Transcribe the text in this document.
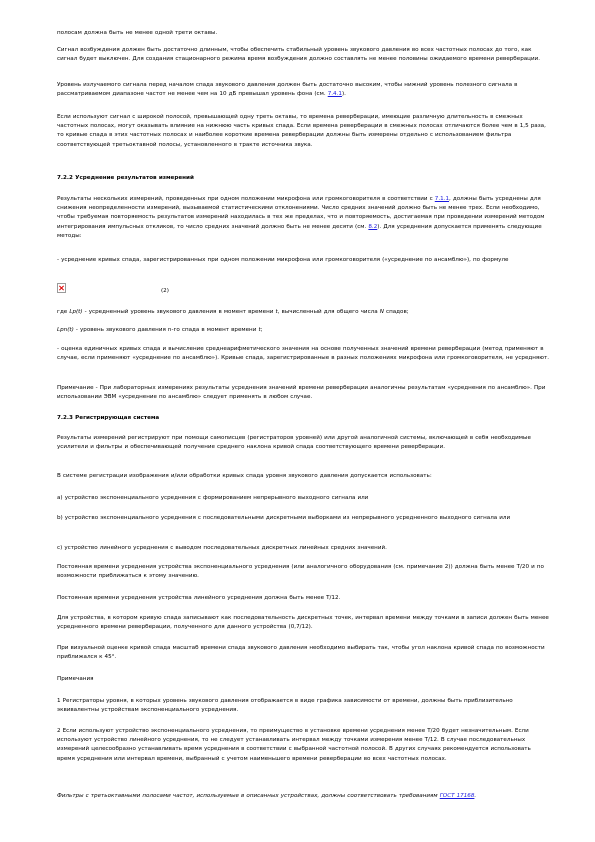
полосам должна быть не менее одной трети октавы.
Сигнал возбуждения должен быть достаточно длинным, чтобы обеспечить стабильный уровень звукового давления во всех частотных полосах до того, как сигнал будет выключен. Для создания стационарного режима время возбуждения должно составлять не менее половины ожидаемого времени реверберации.
Уровень излучаемого сигнала перед началом спада звукового давления должен быть достаточно высоким, чтобы нижний уровень полезного сигнала в рассматриваемом диапазоне частот не менее чем на 10 дБ превышал уровень фона (см. 7.4.1).
Если используют сигнал с широкой полосой, превышающей одну треть октавы, то времена реверберации, имеющие различную длительность в смежных частотных полосах, могут оказывать влияние на нижнюю часть кривых спада. Если времена реверберации в смежных полосах отличаются более чем в 1,5 раза, то кривые спада в этих частотных полосах и наиболее короткие времена реверберации должны быть измерены отдельно с использованием фильтра соответствующей третьоктавной полосы, установленного в тракте источника звука.
7.2.2 Усреднение результатов измерений
Результаты нескольких измерений, проведенных при одном положении микрофона или громкоговорителя в соответствии с 7.1.1, должны быть усреднены для снижения неопределенности измерений, вызываемой статистическими отклонениями. Число средних значений должно быть не менее трех. Если необходимо, чтобы требуемая повторяемость результатов измерений находилась в тех же пределах, что и повторяемость, достигаемая при проведении измерений методом интегрирования импульсных откликов, то число средних значений должно быть не менее десяти (см. 8.2). Для усреднения допускается применять следующие методы:
- усреднение кривых спада, зарегистрированных при одном положении микрофона или громкоговорителя («усреднение по ансамблю»), по формуле
(2)
где Lp(t) - усредненный уровень звукового давления в момент времени t, вычисленный для общего числа N спадов;
Lpn(t) - уровень звукового давления n-го спада в момент времени t;
- оценка единичных кривых спада и вычисление среднеарифметического значения на основе полученных значений времени реверберации (метод применяют в случае, если применяют «усреднение по ансамблю»). Кривые спада, зарегистрированные в разных положениях микрофона или громкоговорителя, не усредняют.
Примечание - При лабораторных измерениях результаты усреднения значений времени реверберации аналогичны результатам «усреднения по ансамблю». При использовании ЭВМ «усреднение по ансамблю» следует применять в любом случае.
7.2.3 Регистрирующая система
Результаты измерений регистрируют при помощи самописцев (регистраторов уровней) или другой аналогичной системы, включающей в себя необходимые усилители и фильтры и обеспечивающей получение среднего наклона кривой спада соответствующего времени реверберации.
В системе регистрации изображения и/или обработки кривых спада уровня звукового давления допускается использовать:
а) устройство экспоненциального усреднения с формированием непрерывного выходного сигнала или
b) устройство экспоненциального усреднения с последовательными дискретными выборками из непрерывного усредненного выходного сигнала или
с) устройство линейного усреднения с выводом последовательных дискретных линейных средних значений.
Постоянная времени усреднения устройства экспоненциального усреднения (или аналогичного оборудования (см. примечание 2)) должна быть менее T/20 и по возможности приближаться к этому значению.
Постоянная времени усреднения устройства линейного усреднения должна быть менее T/12.
Для устройства, в котором кривую спада записывают как последовательность дискретных точек, интервал времени между точками в записи должен быть менее усредненного времени реверберации, полученного для данного устройства (0,7/12).
При визуальной оценке кривой спада масштаб времени спада звукового давления необходимо выбирать так, чтобы угол наклона кривой спада по возможности приближался к 45°.
Примечания
1 Регистраторы уровня, в которых уровень звукового давления отображается в виде графика зависимости от времени, должны быть приблизительно эквивалентны устройствам экспоненциального усреднения.
2 Если используют устройство экспоненциального усреднения, то преимущество в установке времени усреднения менее T/20 будет незначительным. Если используют устройство линейного усреднения, то не следует устанавливать интервал между точками измерения менее T/12. В случае последовательных измерений целесообразно устанавливать время усреднения в соответствии с выбранной частотной полосой. В других случаях рекомендуется использовать время усреднения или интервал времени, выбранный с учетом наименьшего времени реверберации во всех частотных полосах.
Фильтры с третьоктавными полосами частот, используемые в описанных устройствах, должны соответствовать требованиям ГОСТ 17168.
